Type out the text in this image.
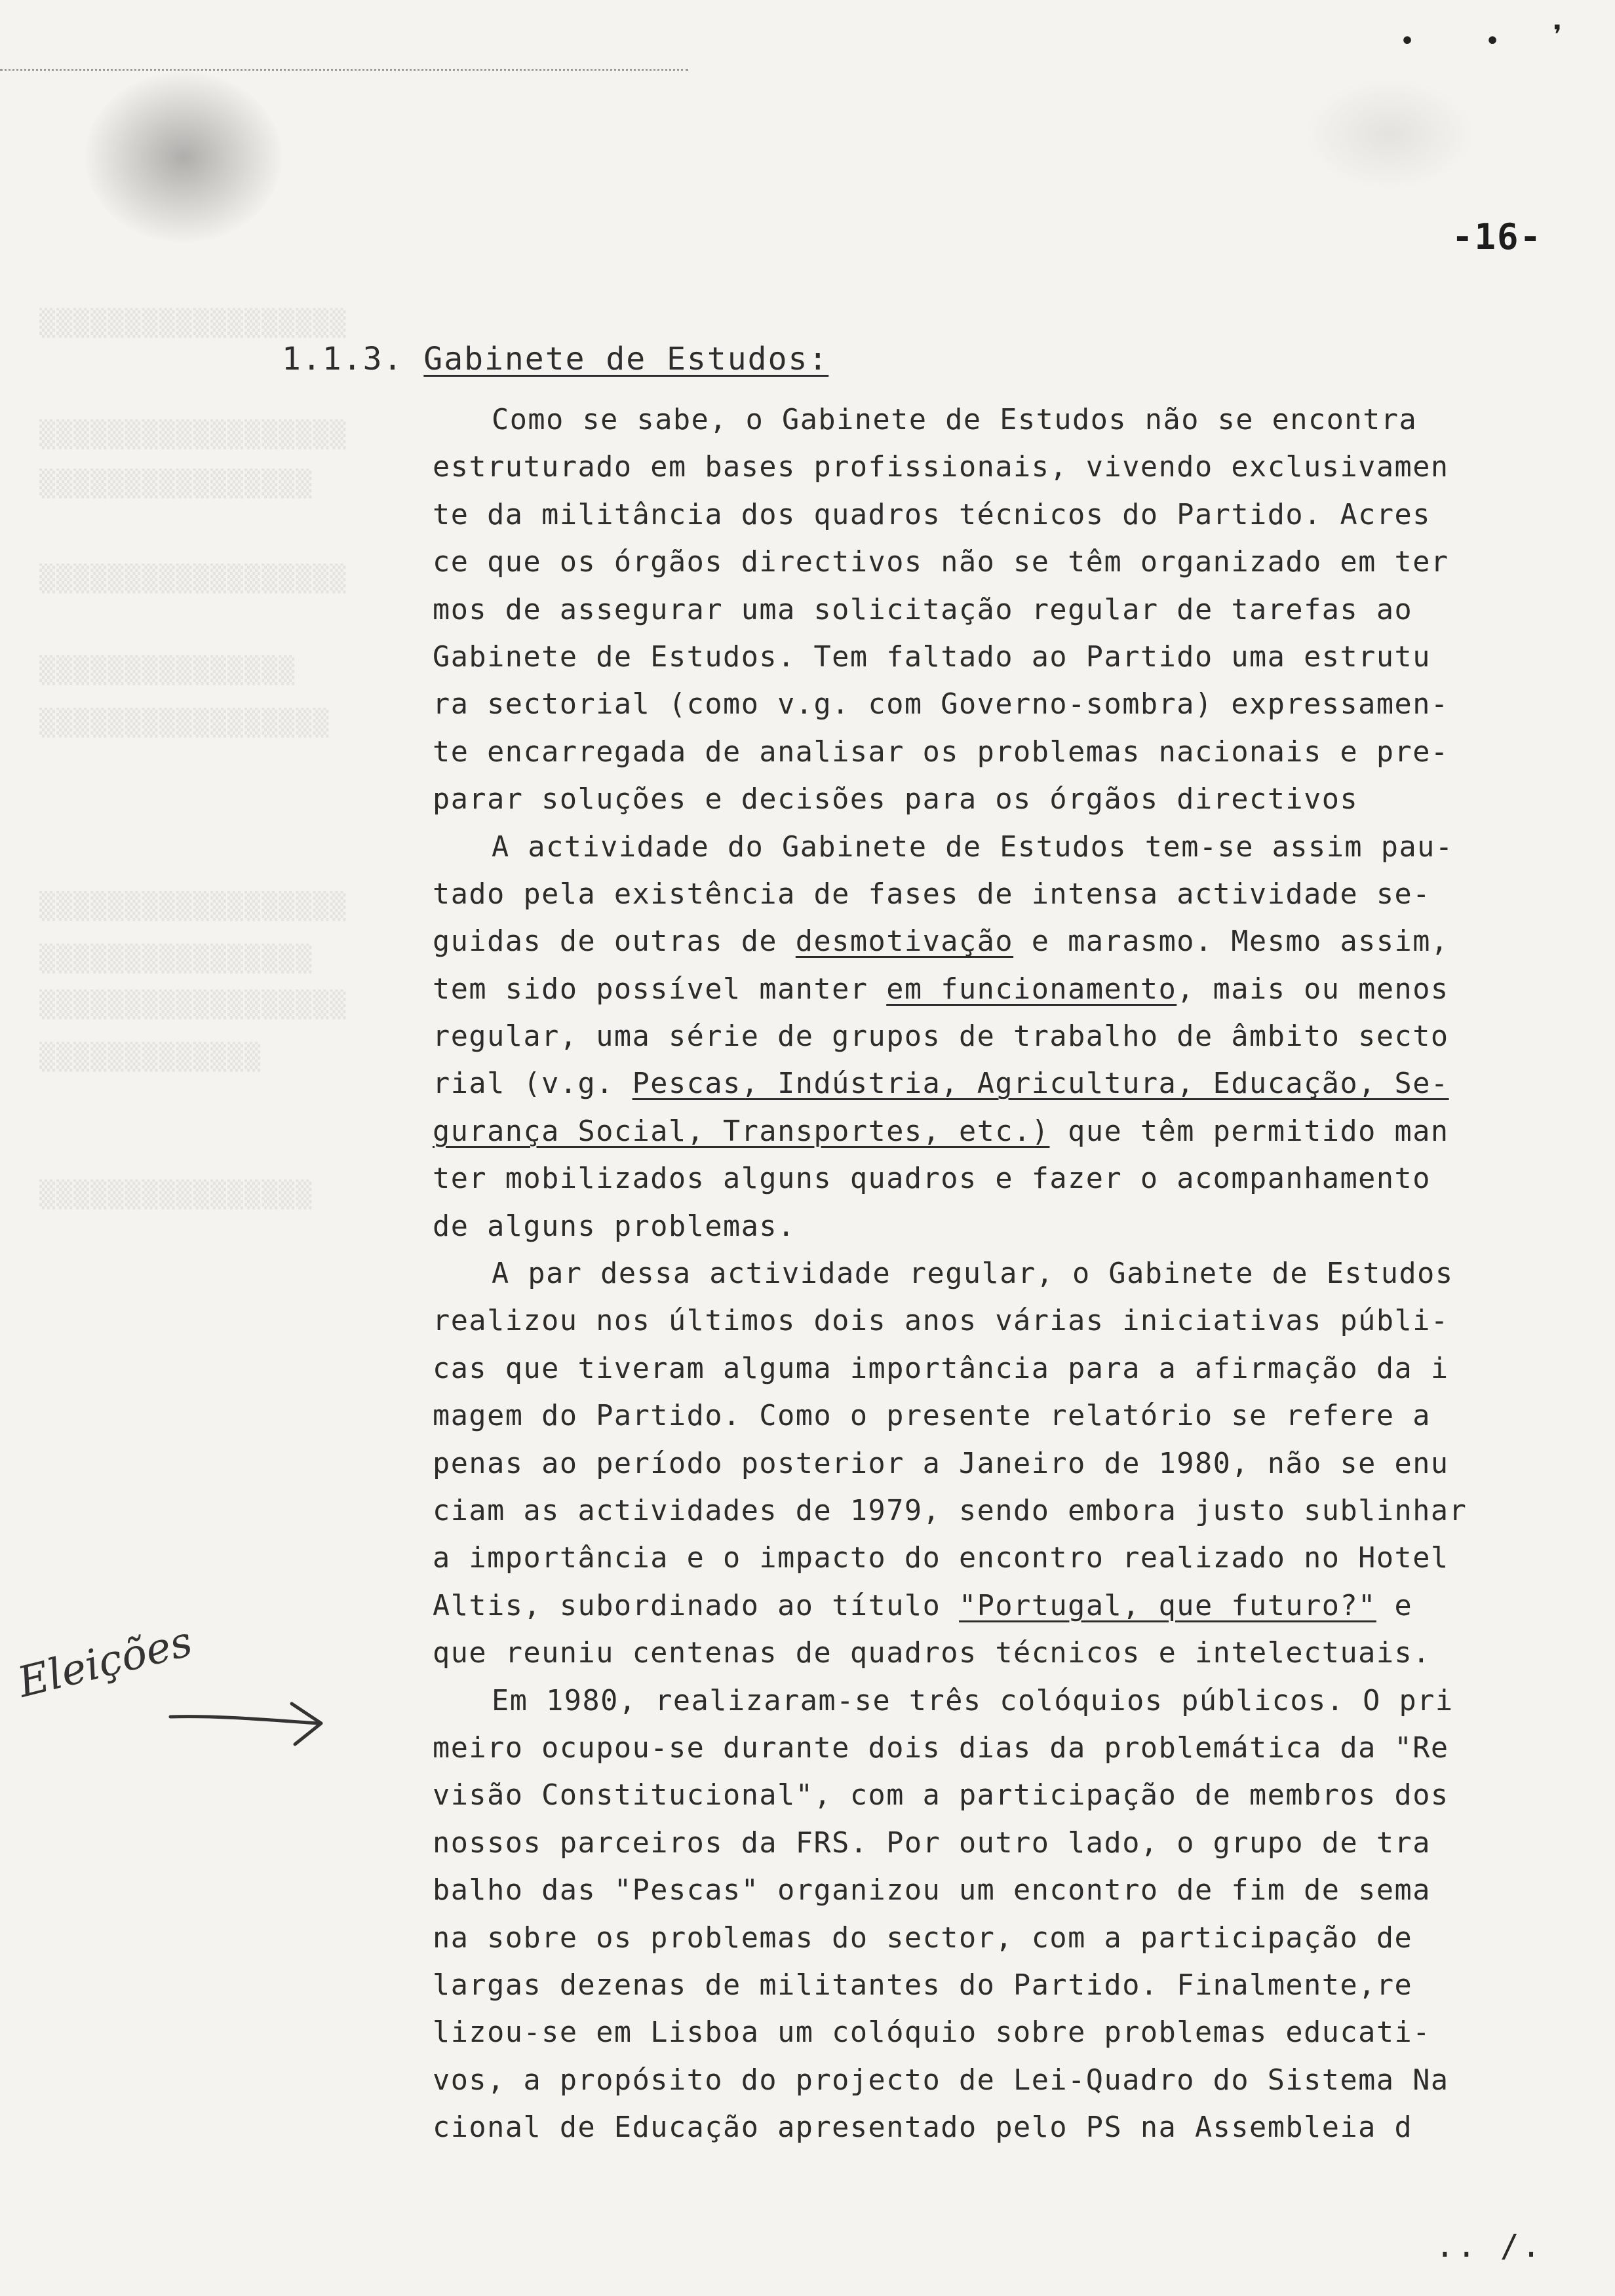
•	• ❜
▒▒▒▒▒▒▒▒▒▒▒▒▒▒▒▒▒▒
▒▒▒▒▒▒▒▒▒▒▒▒▒▒▒▒▒▒
▒▒▒▒▒▒▒▒▒▒▒▒▒▒▒▒
▒▒▒▒▒▒▒▒▒▒▒▒▒▒▒▒▒▒
▒▒▒▒▒▒▒▒▒▒▒▒▒▒▒
▒▒▒▒▒▒▒▒▒▒▒▒▒▒▒▒▒
▒▒▒▒▒▒▒▒▒▒▒▒▒▒▒▒▒▒
▒▒▒▒▒▒▒▒▒▒▒▒▒▒▒▒
▒▒▒▒▒▒▒▒▒▒▒▒▒▒▒▒▒▒
▒▒▒▒▒▒▒▒▒▒▒▒▒
▒▒▒▒▒▒▒▒▒▒▒▒▒▒▒▒
-16-
1.1.3. Gabinete de Estudos:
Como se sabe, o Gabinete de Estudos não se encontra
estruturado em bases profissionais, vivendo exclusivamen
te da militância dos quadros técnicos do Partido. Acres
ce que os órgãos directivos não se têm organizado em ter
mos de assegurar uma solicitação regular de tarefas ao
Gabinete de Estudos. Tem faltado ao Partido uma estrutu
ra sectorial (como v.g. com Governo-sombra) expressamen-
te encarregada de analisar os problemas nacionais e pre-
parar soluções e decisões para os órgãos directivos
A actividade do Gabinete de Estudos tem-se assim pau-
tado pela existência de fases de intensa actividade se-
guidas de outras de desmotivação e marasmo. Mesmo assim,
tem sido possível manter em funcionamento, mais ou menos
regular, uma série de grupos de trabalho de âmbito secto
rial (v.g. Pescas, Indústria, Agricultura, Educação, Se-
gurança Social, Transportes, etc.) que têm permitido man
ter mobilizados alguns quadros e fazer o acompanhamento
de alguns problemas.
A par dessa actividade regular, o Gabinete de Estudos
realizou nos últimos dois anos várias iniciativas públi-
cas que tiveram alguma importância para a afirmação da i
magem do Partido. Como o presente relatório se refere a
penas ao período posterior a Janeiro de 1980, não se enu
ciam as actividades de 1979, sendo embora justo sublinhar
a importância e o impacto do encontro realizado no Hotel
Altis, subordinado ao título "Portugal, que futuro?" e
que reuniu centenas de quadros técnicos e intelectuais.
Em 1980, realizaram-se três colóquios públicos. O pri
meiro ocupou-se durante dois dias da problemática da "Re
visão Constitucional", com a participação de membros dos
nossos parceiros da FRS. Por outro lado, o grupo de tra
balho das "Pescas" organizou um encontro de fim de sema
na sobre os problemas do sector, com a participação de
largas dezenas de militantes do Partido. Finalmente,re
lizou-se em Lisboa um colóquio sobre problemas educati-
vos, a propósito do projecto de Lei-Quadro do Sistema Na
cional de Educação apresentado pelo PS na Assembleia d
Eleições
.. /.
